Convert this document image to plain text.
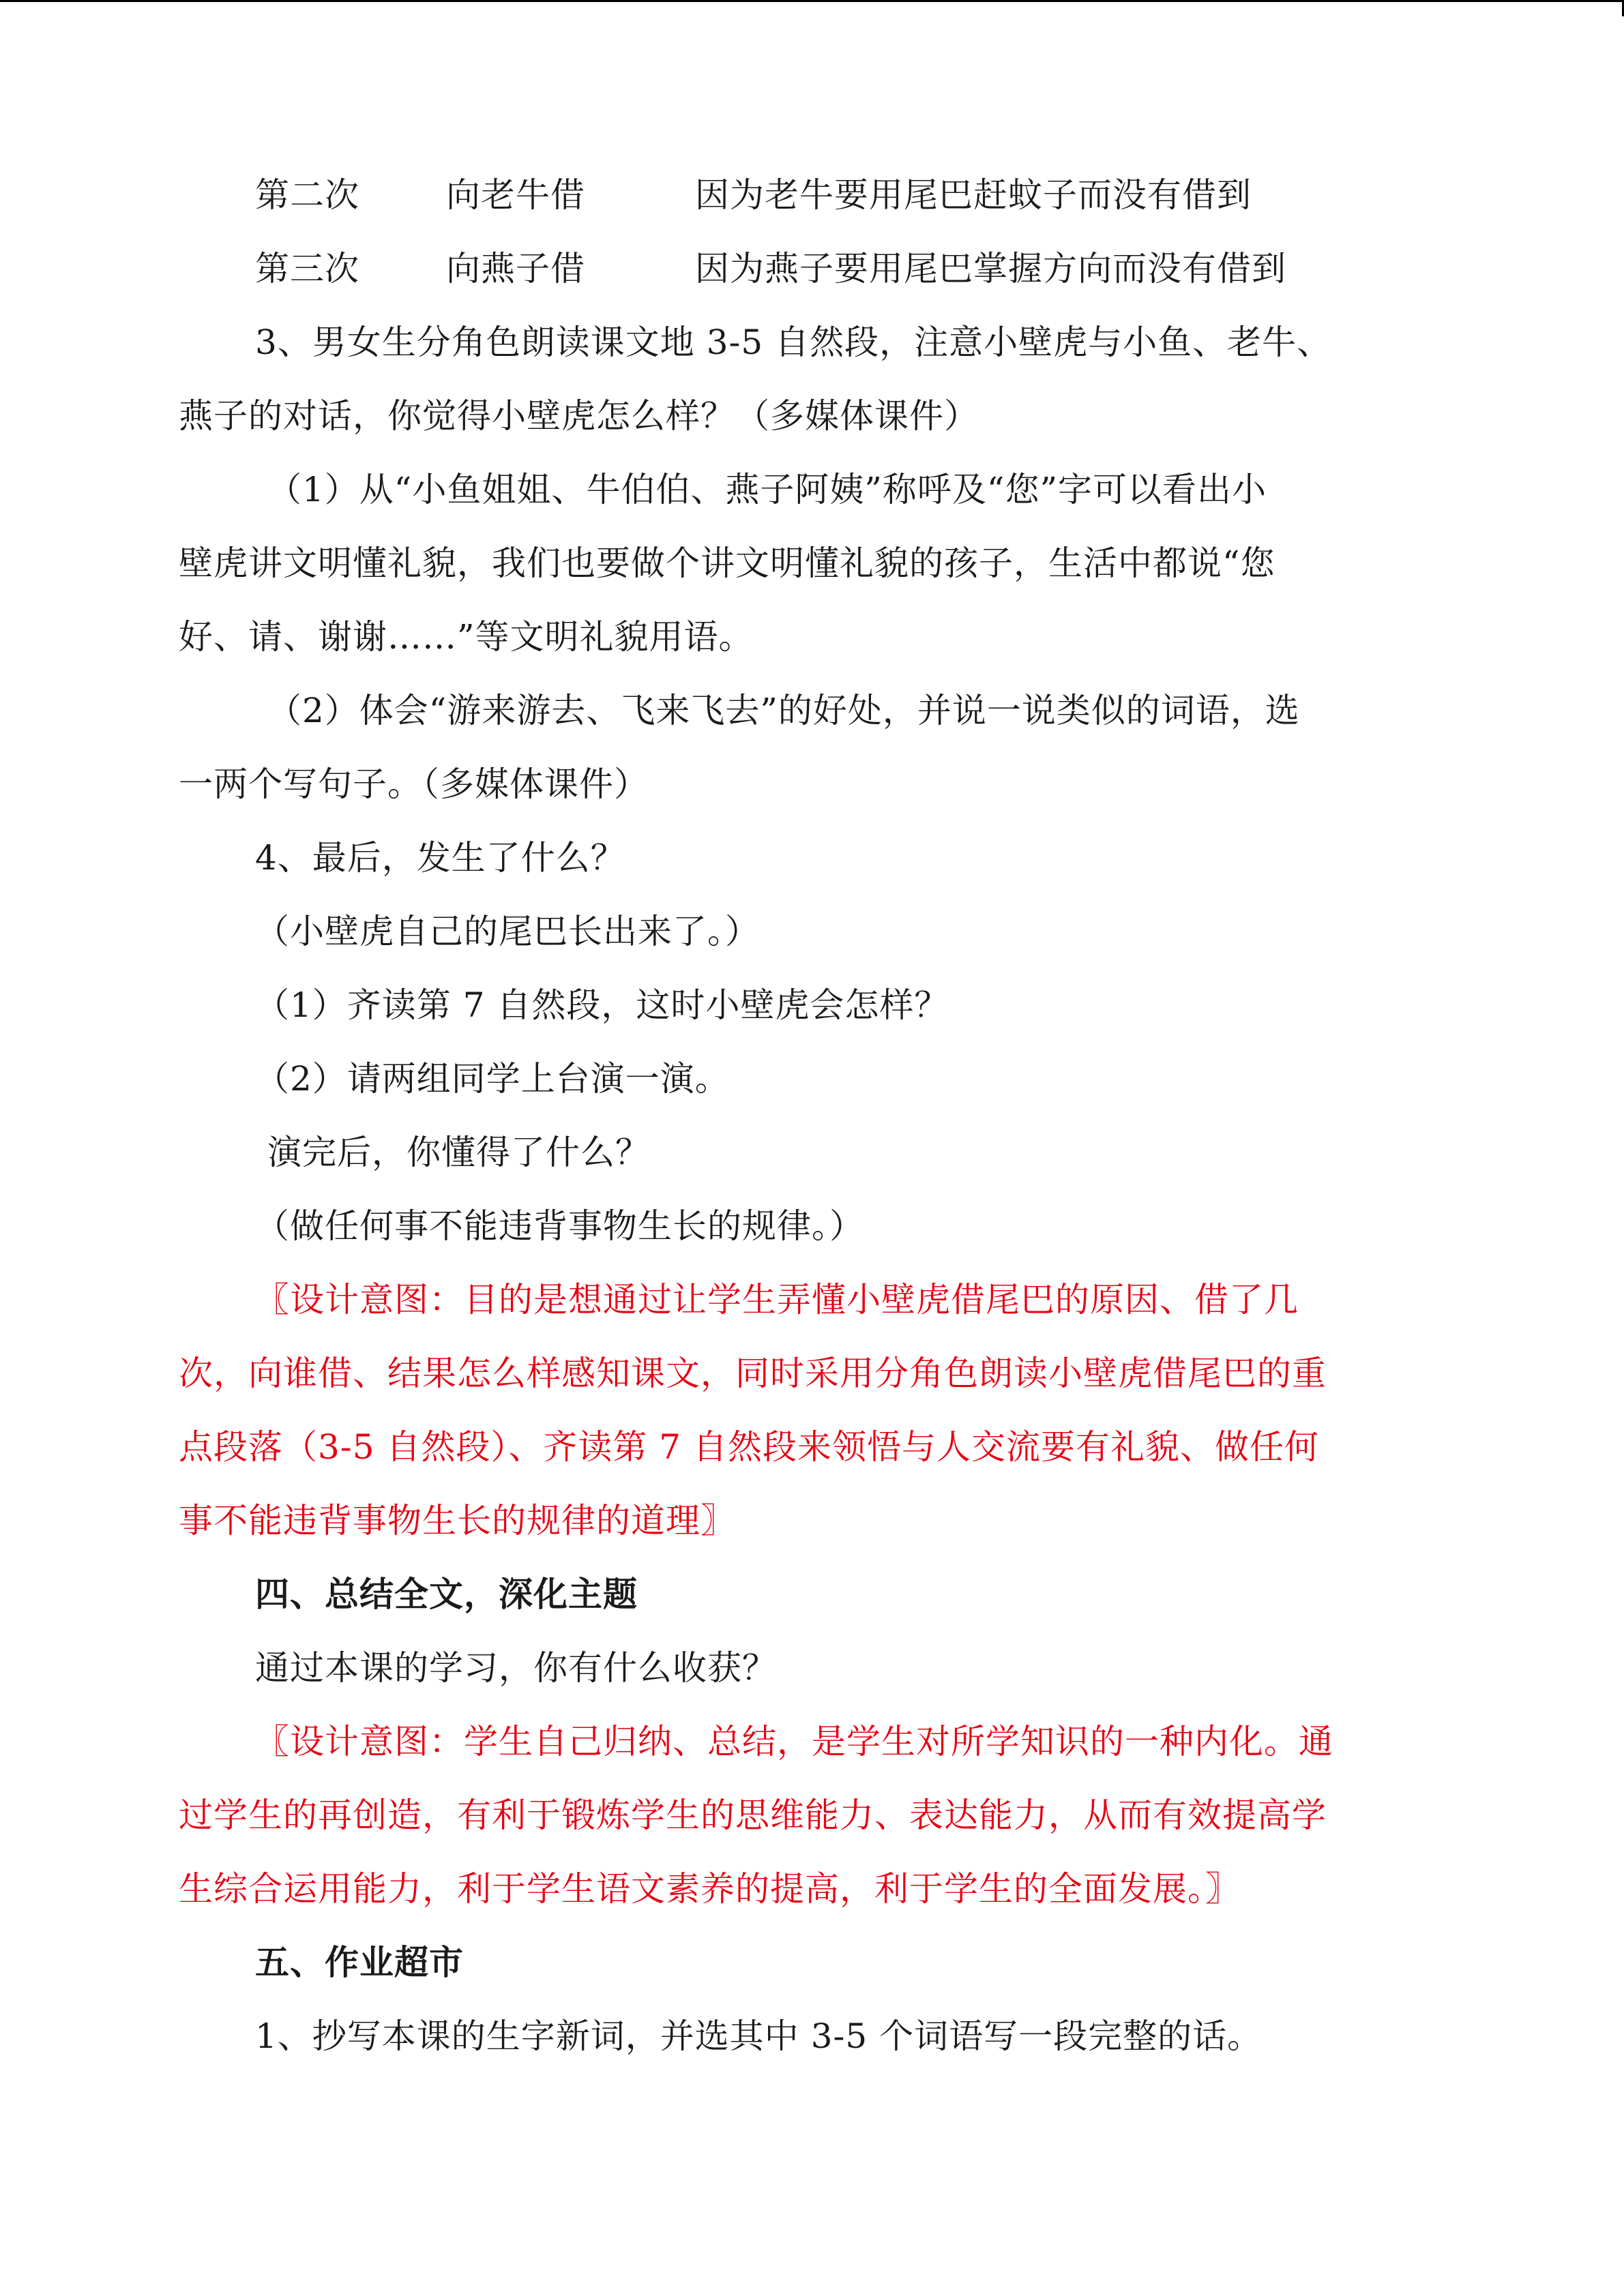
第二次	向老牛借	因为老牛要用尾巴赶蚊子而没有借到
第三次	向燕子借	因为燕子要用尾巴掌握方向而没有借到
3、男女生分角色朗读课文地 3-5 自然段，注意小壁虎与小鱼、老牛、
燕子的对话，你觉得小壁虎怎么样？（多媒体课件）
（1）从“小鱼姐姐、牛伯伯、燕子阿姨”称呼及“您”字可以看出小
壁虎讲文明懂礼貌，我们也要做个讲文明懂礼貌的孩子，生活中都说“您
好、请、谢谢……”等文明礼貌用语。
（2）体会“游来游去、飞来飞去”的好处，并说一说类似的词语，选
一两个写句子。（多媒体课件）
4、最后，发生了什么？
（小壁虎自己的尾巴长出来了。）
（1）齐读第 7 自然段，这时小壁虎会怎样？
（2）请两组同学上台演一演。
演完后，你懂得了什么？
（做任何事不能违背事物生长的规律。）
〖设计意图：目的是想通过让学生弄懂小壁虎借尾巴的原因、借了几
次，向谁借、结果怎么样感知课文，同时采用分角色朗读小壁虎借尾巴的重
点段落（3-5 自然段）、齐读第 7 自然段来领悟与人交流要有礼貌、做任何
事不能违背事物生长的规律的道理〗
四、总结全文，深化主题
通过本课的学习，你有什么收获？
〖设计意图：学生自己归纳、总结，是学生对所学知识的一种内化。通
过学生的再创造，有利于锻炼学生的思维能力、表达能力，从而有效提高学
生综合运用能力，利于学生语文素养的提高，利于学生的全面发展。〗
五、作业超市
1、抄写本课的生字新词，并选其中 3-5 个词语写一段完整的话。
